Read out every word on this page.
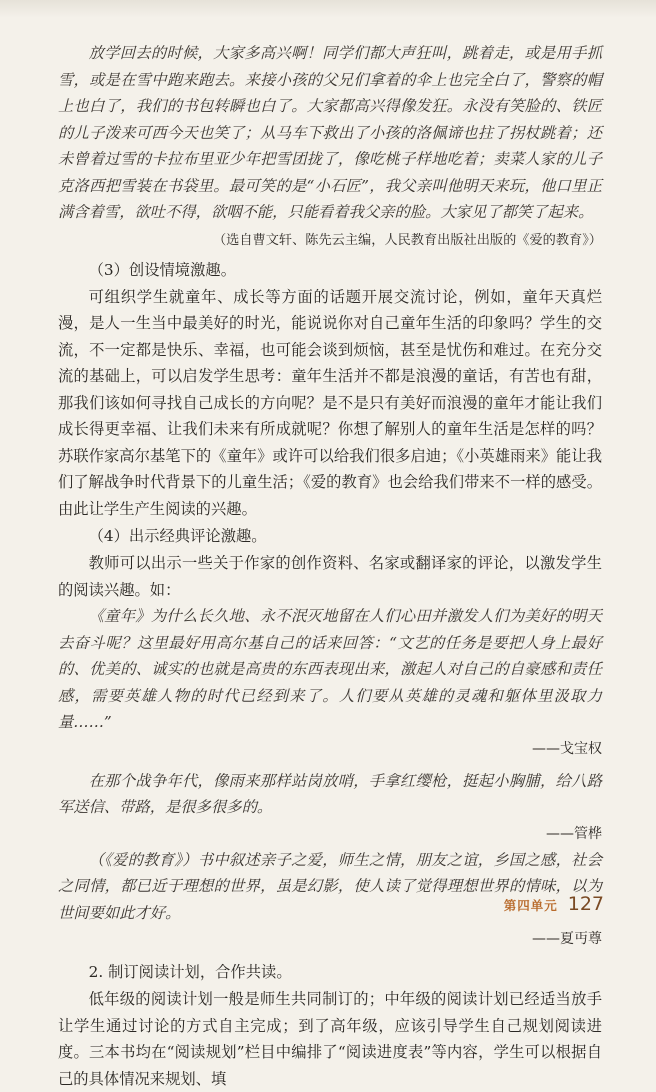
放学回去的时候，大家多高兴啊！同学们都大声狂叫，跳着走，或是用手抓雪，或是在雪中跑来跑去。来接小孩的父兄们拿着的伞上也完全白了，警察的帽上也白了，我们的书包转瞬也白了。大家都高兴得像发狂。永没有笑脸的、铁匠的儿子泼来可西今天也笑了；从马车下救出了小孩的洛佩谛也拄了拐杖跳着；还未曾着过雪的卡拉布里亚少年把雪团拢了，像吃桃子样地吃着；卖菜人家的儿子克洛西把雪装在书袋里。最可笑的是“小石匠”，我父亲叫他明天来玩，他口里正满含着雪，欲吐不得，欲咽不能，只能看着我父亲的脸。大家见了都笑了起来。

（选自曹文轩、陈先云主编，人民教育出版社出版的《爱的教育》）

（3）创设情境激趣。

可组织学生就童年、成长等方面的话题开展交流讨论，例如，童年天真烂漫，是人一生当中最美好的时光，能说说你对自己童年生活的印象吗？学生的交流，不一定都是快乐、幸福，也可能会谈到烦恼，甚至是忧伤和难过。在充分交流的基础上，可以启发学生思考：童年生活并不都是浪漫的童话，有苦也有甜，那我们该如何寻找自己成长的方向呢？是不是只有美好而浪漫的童年才能让我们成长得更幸福、让我们未来有所成就呢？你想了解别人的童年生活是怎样的吗？苏联作家高尔基笔下的《童年》或许可以给我们很多启迪；《小英雄雨来》能让我们了解战争时代背景下的儿童生活；《爱的教育》也会给我们带来不一样的感受。由此让学生产生阅读的兴趣。

（4）出示经典评论激趣。

教师可以出示一些关于作家的创作资料、名家或翻译家的评论，以激发学生的阅读兴趣。如：

《童年》为什么长久地、永不泯灭地留在人们心田并激发人们为美好的明天去奋斗呢？这里最好用高尔基自己的话来回答：“文艺的任务是要把人身上最好的、优美的、诚实的也就是高贵的东西表现出来，激起人对自己的自豪感和责任感，需要英雄人物的时代已经到来了。人们要从英雄的灵魂和躯体里汲取力量……”

——戈宝权

在那个战争年代，像雨来那样站岗放哨，手拿红缨枪，挺起小胸脯，给八路军送信、带路，是很多很多的。

——管桦

（《爱的教育》）书中叙述亲子之爱，师生之情，朋友之谊，乡国之感，社会之同情，都已近于理想的世界，虽是幻影，使人读了觉得理想世界的情味，以为世间要如此才好。

——夏丏尊

2. 制订阅读计划，合作共读。

低年级的阅读计划一般是师生共同制订的；中年级的阅读计划已经适当放手让学生通过讨论的方式自主完成；到了高年级，应该引导学生自己规划阅读进度。三本书均在“阅读规划”栏目中编排了“阅读进度表”等内容，学生可以根据自己的具体情况来规划、填

第四单元 127
